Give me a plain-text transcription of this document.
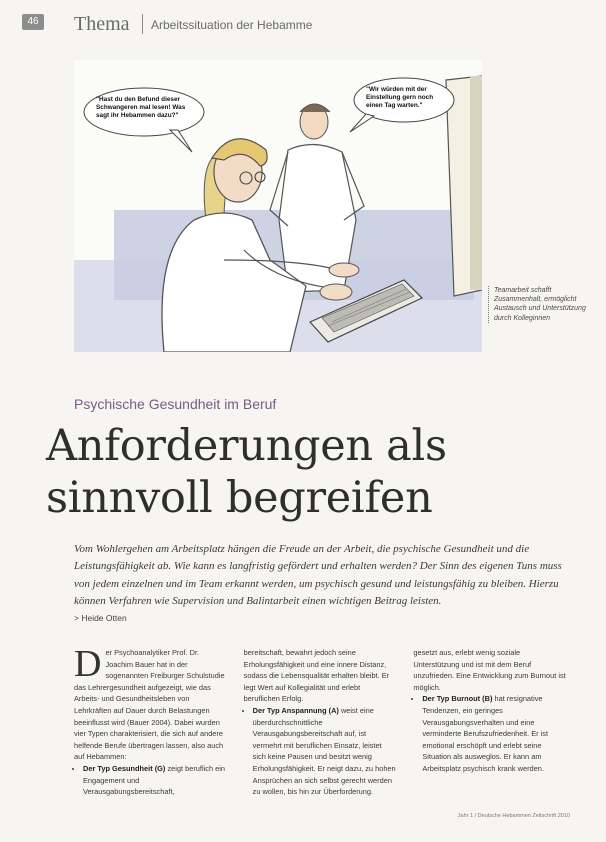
46 Thema Arbeitssituation der Hebamme
"Hast du den Befund dieser Schwangeren mal lesen! Was sagt ihr Hebammen dazu?"
"Wir würden mit der Einstellung gern noch einen Tag warten."
Teamarbeit schafft Zusammenhalt, ermöglicht Austausch und Unterstützung durch Kolleginnen
Psychische Gesundheit im Beruf
Anforderungen als sinnvoll begreifen

Vom Wohlergehen am Arbeitsplatz hängen die Freude an der Arbeit, die psychische Gesundheit und die Leistungsfähigkeit ab. Wie kann es langfristig gefördert und erhalten werden? Der Sinn des eigenen Tuns muss von jedem einzelnen und im Team erkannt werden, um psychisch gesund und leistungsfähig zu bleiben. Hierzu können Verfahren wie Supervision und Balintarbeit einen wichtigen Beitrag leisten.

> Heide Otten

D er Psychoanalytiker Prof. Dr. Joachim Bauer hat in der sogenannten Freiburger Schulstudie das Lehrergesundheit aufgezeigt, wie das Arbeits- und Gesundheitsleben von Lehrkräften auf Dauer durch Belastungen beeinflusst wird (Bauer 2004). Dabei wurden vier Typen charakterisiert, die sich auf andere helfende Berufe übertragen lassen, also auch auf Hebammen:

• Der Typ Gesundheit (G) zeigt beruflich ein Engagement und Verausgabungsbereitschaft,

bereitschaft, bewahrt jedoch seine Erholungsfähigkeit und eine innere Distanz, sodass die Lebensqualität erhalten bleibt. Er legt Wert auf Kollegialität und erlebt beruflichen Erfolg.

• Der Typ Anspannung (A) weist eine überdurchschnittliche Verausgabungsbereitschaft auf, ist vermehrt mit beruflichen Einsatz, leistet sich keine Pausen und besitzt wenig Erholungsfähigkeit. Er neigt dazu, zu hohen Ansprüchen an sich selbst gerecht werden zu wollen, bis hin zur Überforderung.

gesetzt aus, erlebt wenig soziale Unterstützung und ist mit dem Beruf unzufrieden. Eine Entwicklung zum Burnout ist möglich.

• Der Typ Burnout (B) hat resignative Tendenzen, ein geringes Verausgabungsverhalten und eine verminderte Berufszufriedenheit. Er ist emotional erschöpft und erlebt seine Situation als ausweglos. Er kann am Arbeitsplatz psychisch krank werden.
Jahr 1 / Deutsche Hebammen Zeitschrift 2010
